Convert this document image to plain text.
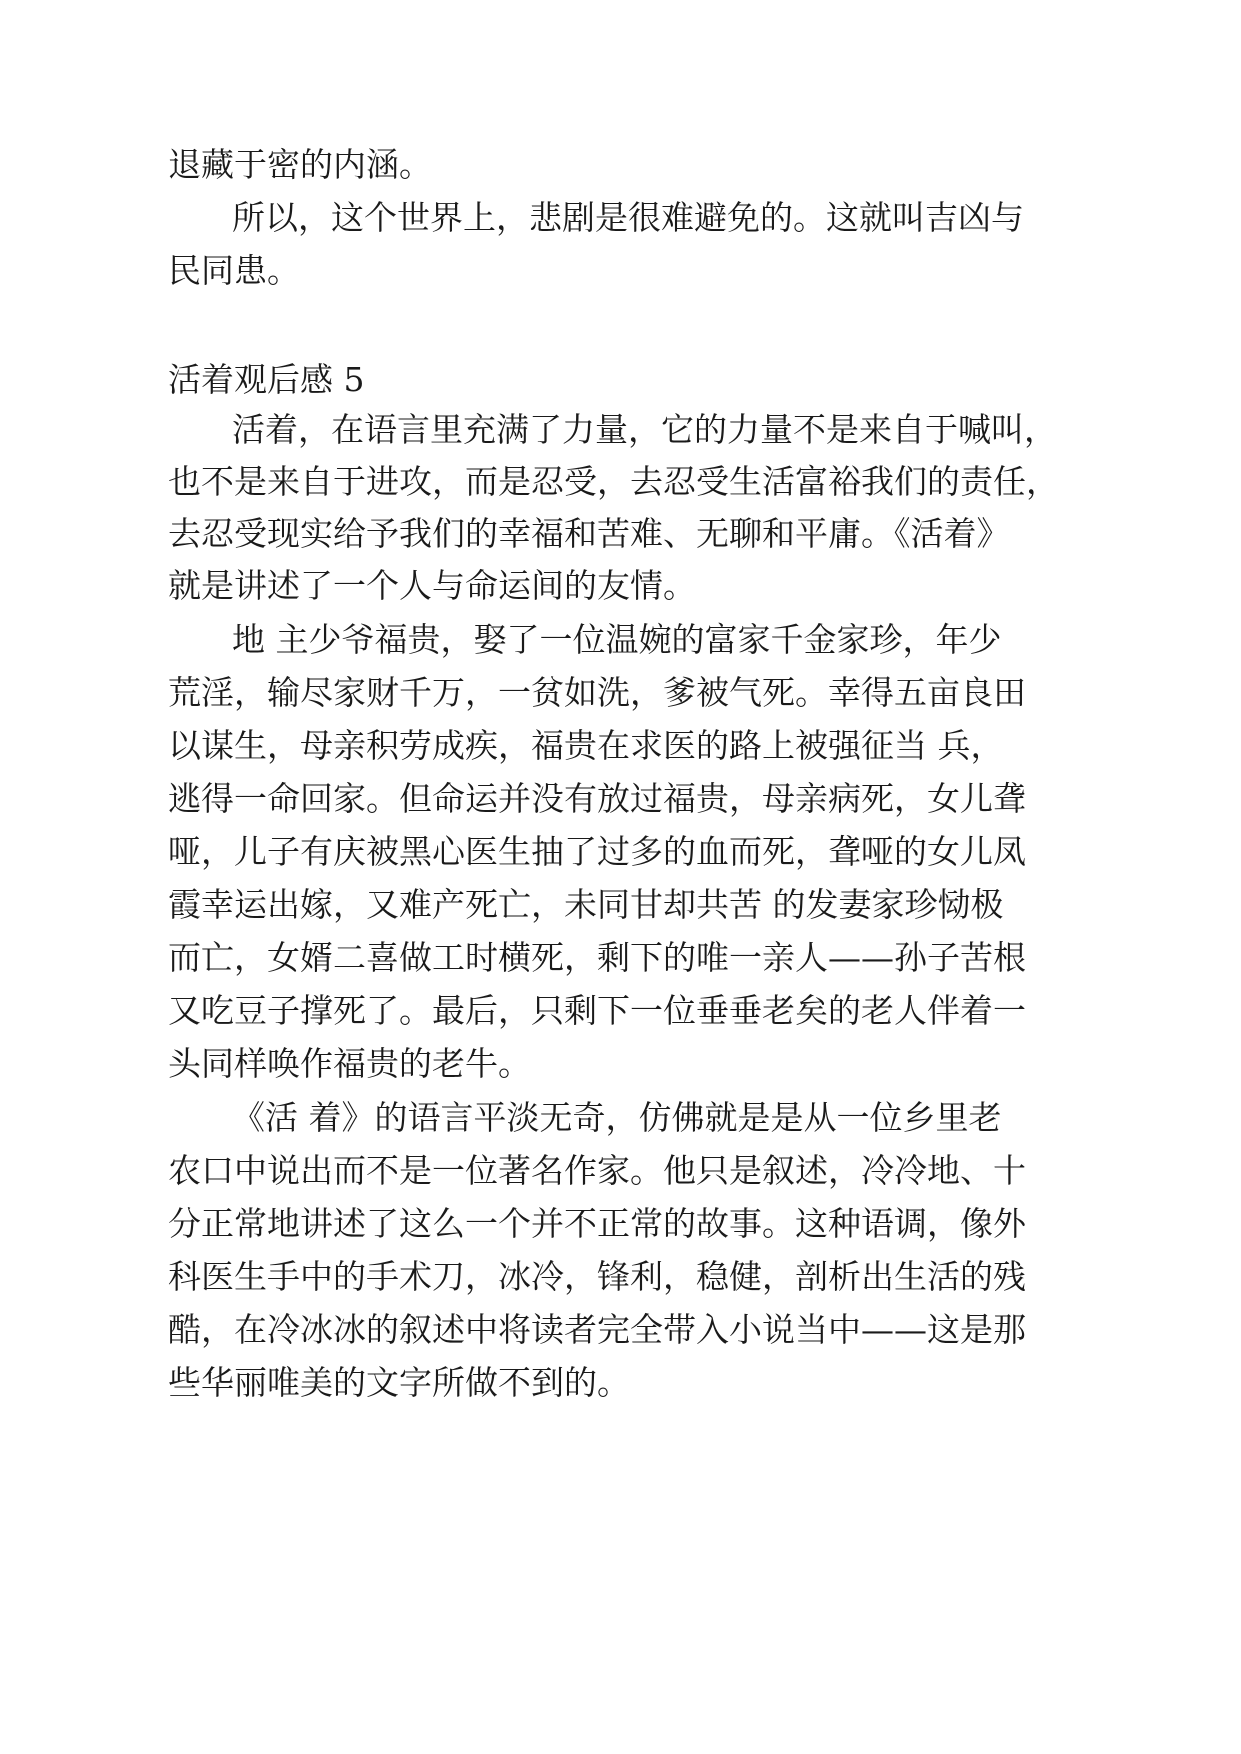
退藏于密的内涵。

所以，这个世界上，悲剧是很难避免的。这就叫吉凶与

民同患。

活着观后感 5

活着，在语言里充满了力量，它的力量不是来自于喊叫，

也不是来自于进攻，而是忍受，去忍受生活富裕我们的责任，

去忍受现实给予我们的幸福和苦难、无聊和平庸。《活着》

就是讲述了一个人与命运间的友情。

地 主少爷福贵，娶了一位温婉的富家千金家珍，年少

荒淫，输尽家财千万，一贫如洗，爹被气死。幸得五亩良田

以谋生，母亲积劳成疾，福贵在求医的路上被强征当 兵，

逃得一命回家。但命运并没有放过福贵，母亲病死，女儿聋

哑，儿子有庆被黑心医生抽了过多的血而死，聋哑的女儿凤

霞幸运出嫁，又难产死亡，未同甘却共苦 的发妻家珍恸极

而亡，女婿二喜做工时横死，剩下的唯一亲人——孙子苦根

又吃豆子撑死了。最后，只剩下一位垂垂老矣的老人伴着一

头同样唤作福贵的老牛。

《活 着》的语言平淡无奇，仿佛就是是从一位乡里老

农口中说出而不是一位著名作家。他只是叙述，冷冷地、十

分正常地讲述了这么一个并不正常的故事。这种语调，像外

科医生手中的手术刀，冰冷，锋利，稳健，剖析出生活的残

酷，在冷冰冰的叙述中将读者完全带入小说当中——这是那

些华丽唯美的文字所做不到的。
